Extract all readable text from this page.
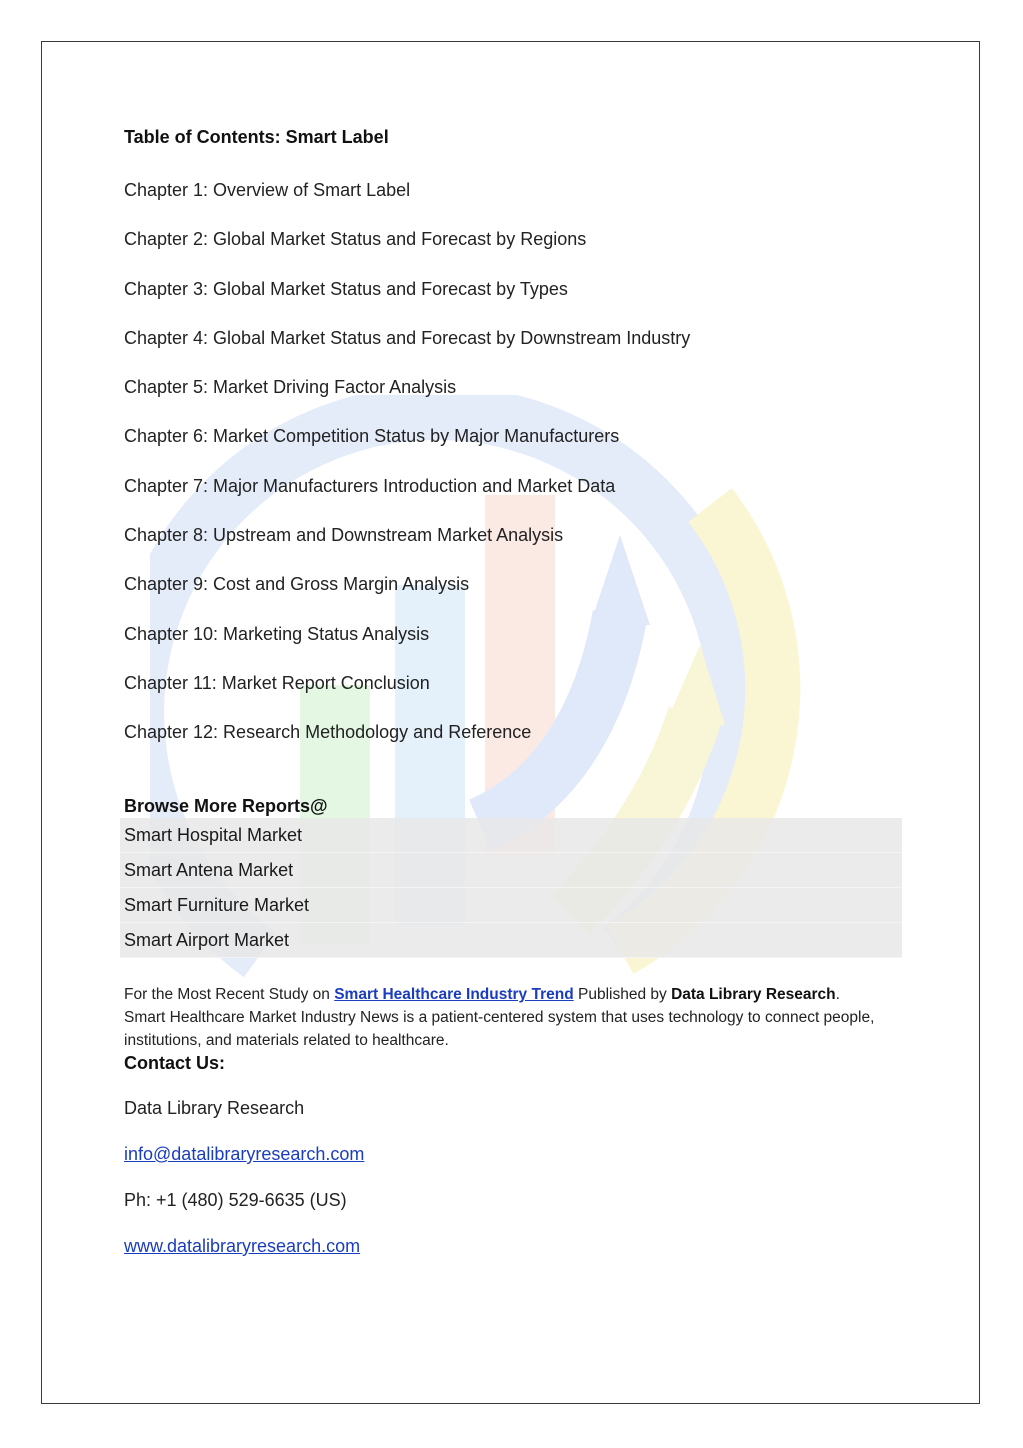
Table of Contents: Smart Label
Chapter 1: Overview of Smart Label
Chapter 2: Global Market Status and Forecast by Regions
Chapter 3: Global Market Status and Forecast by Types
Chapter 4: Global Market Status and Forecast by Downstream Industry
Chapter 5: Market Driving Factor Analysis
Chapter 6: Market Competition Status by Major Manufacturers
Chapter 7: Major Manufacturers Introduction and Market Data
Chapter 8: Upstream and Downstream Market Analysis
Chapter 9: Cost and Gross Margin Analysis
Chapter 10: Marketing Status Analysis
Chapter 11: Market Report Conclusion
Chapter 12: Research Methodology and Reference
Browse More Reports@
For the Most Recent Study on Smart Healthcare Industry Trend Published by Data Library Research.
Smart Healthcare Market Industry News is a patient-centered system that uses technology to connect people, institutions, and materials related to healthcare.
Contact Us:
Data Library Research
info@datalibraryresearch.com
Ph: +1 (480) 529-6635 (US)
www.datalibraryresearch.com
Smart Hospital Market
Smart Antena Market
Smart Furniture Market
Smart Airport Market
